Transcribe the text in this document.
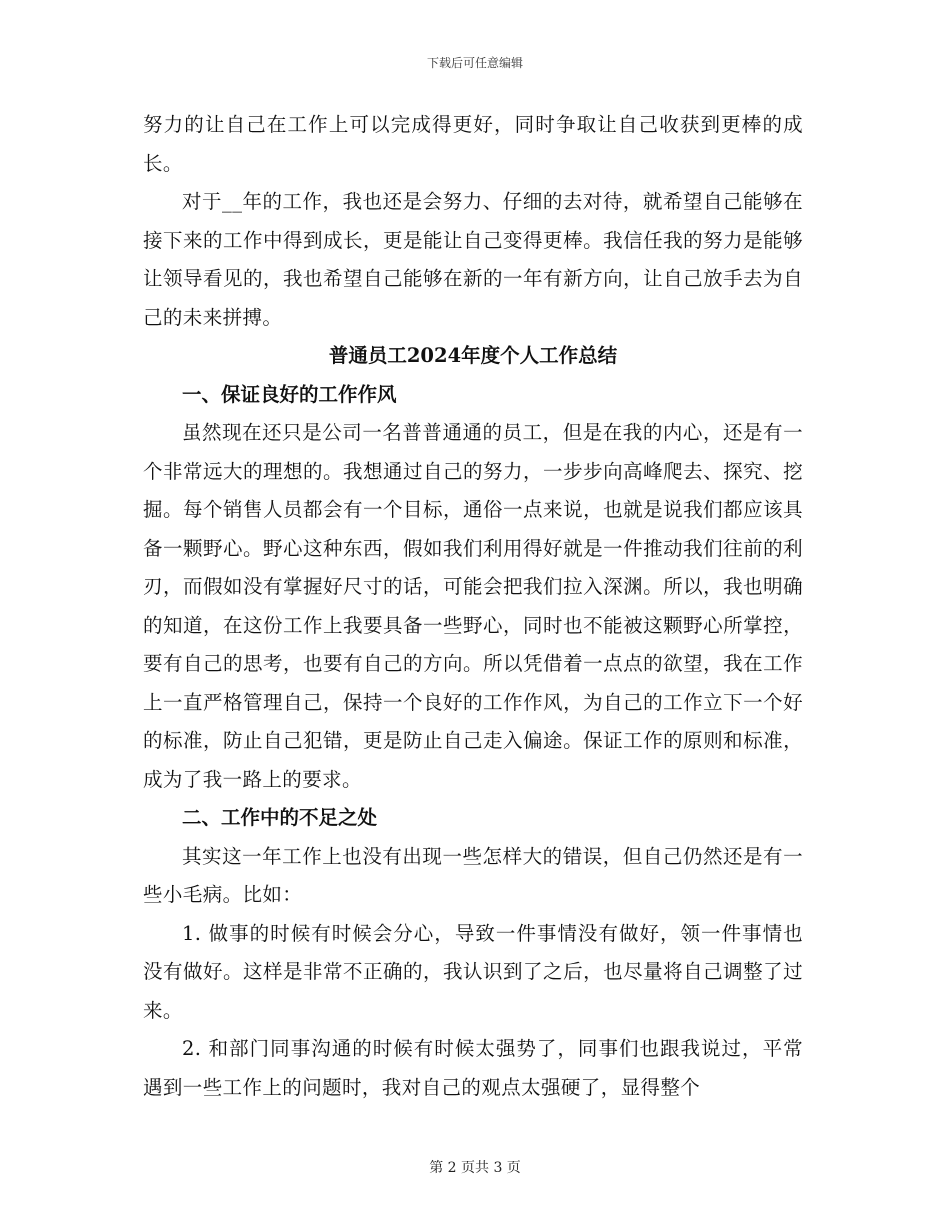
下载后可任意编辑

努力的让自己在工作上可以完成得更好，同时争取让自己收获到更棒的成长。

对于__年的工作，我也还是会努力、仔细的去对待，就希望自己能够在接下来的工作中得到成长，更是能让自己变得更棒。我信任我的努力是能够让领导看见的，我也希望自己能够在新的一年有新方向，让自己放手去为自己的未来拼搏。

普通员工2024年度个人工作总结

一、保证良好的工作作风

虽然现在还只是公司一名普普通通的员工，但是在我的内心，还是有一个非常远大的理想的。我想通过自己的努力，一步步向高峰爬去、探究、挖掘。每个销售人员都会有一个目标，通俗一点来说，也就是说我们都应该具备一颗野心。野心这种东西，假如我们利用得好就是一件推动我们往前的利刃，而假如没有掌握好尺寸的话，可能会把我们拉入深渊。所以，我也明确的知道，在这份工作上我要具备一些野心，同时也不能被这颗野心所掌控，要有自己的思考，也要有自己的方向。所以凭借着一点点的欲望，我在工作上一直严格管理自己，保持一个良好的工作作风，为自己的工作立下一个好的标准，防止自己犯错，更是防止自己走入偏途。保证工作的原则和标准，成为了我一路上的要求。

二、工作中的不足之处

其实这一年工作上也没有出现一些怎样大的错误，但自己仍然还是有一些小毛病。比如：

1. 做事的时候有时候会分心，导致一件事情没有做好，领一件事情也没有做好。这样是非常不正确的，我认识到了之后，也尽量将自己调整了过来。

2. 和部门同事沟通的时候有时候太强势了，同事们也跟我说过，平常遇到一些工作上的问题时，我对自己的观点太强硬了，显得整个

第 2 页共 3 页
